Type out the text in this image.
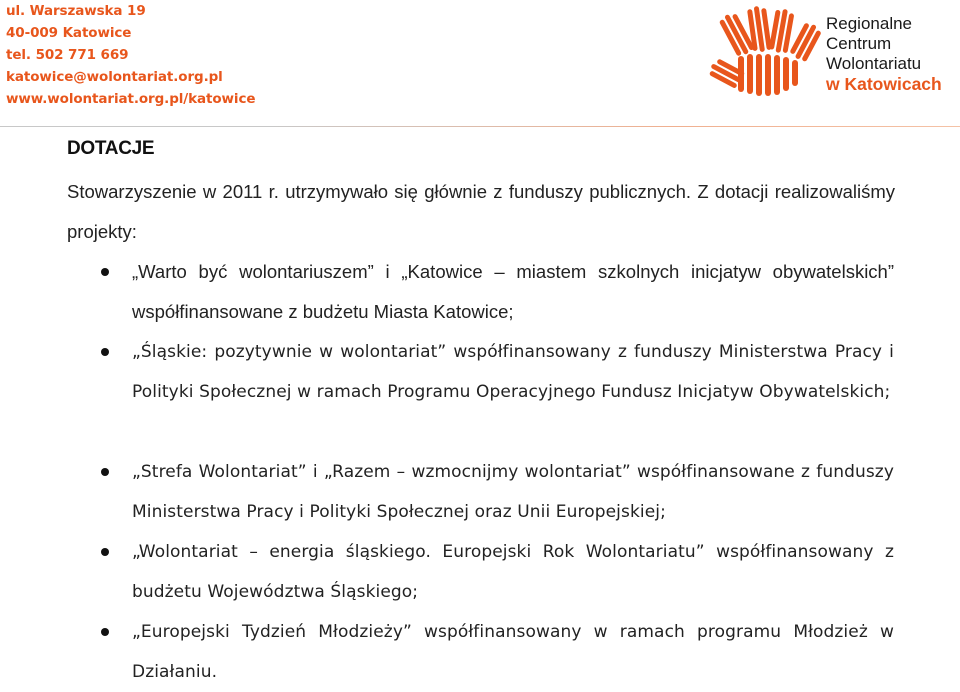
ul. Warszawska 19
40-009 Katowice
tel. 502 771 669
katowice@wolontariat.org.pl
www.wolontariat.org.pl/katowice
Regionalne
Centrum
Wolontariatu
w Katowicach
DOTACJE
Stowarzyszenie w 2011 r. utrzymywało się głównie z funduszy publicznych. Z dotacji realizowaliśmy projekty:
„Warto być wolontariuszem” i „Katowice – miastem szkolnych inicjatyw obywatelskich” współfinansowane z budżetu Miasta Katowice;
„Śląskie: pozytywnie w wolontariat” współfinansowany z funduszy Ministerstwa Pracy i Polityki Społecznej w ramach Programu Operacyjnego Fundusz Inicjatyw Obywatelskich;
„Strefa Wolontariat” i „Razem – wzmocnijmy wolontariat” współfinansowane z funduszy Ministerstwa Pracy i Polityki Społecznej oraz Unii Europejskiej;
„Wolontariat – energia śląskiego. Europejski Rok Wolontariatu” współfinansowany z budżetu Województwa Śląskiego;
„Europejski Tydzień Młodzieży” współfinansowany w ramach programu Młodzież w Działaniu.
